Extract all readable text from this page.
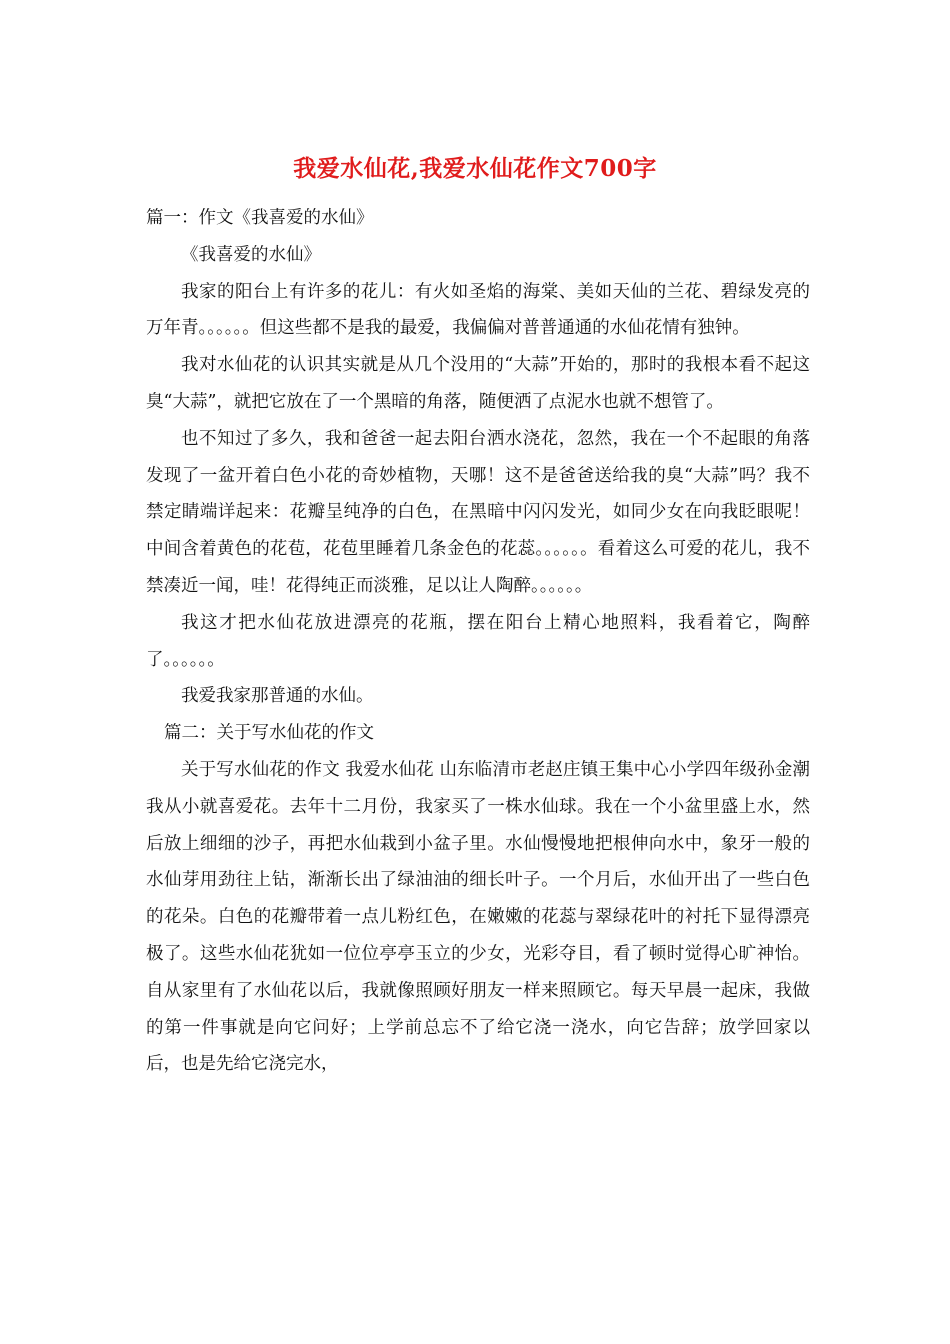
我爱水仙花,我爱水仙花作文700字

篇一：作文《我喜爱的水仙》

《我喜爱的水仙》

我家的阳台上有许多的花儿：有火如圣焰的海棠、美如天仙的兰花、碧绿发亮的万年青。。。。。。但这些都不是我的最爱，我偏偏对普普通通的水仙花情有独钟。

我对水仙花的认识其实就是从几个没用的“大蒜”开始的，那时的我根本看不起这臭“大蒜”，就把它放在了一个黑暗的角落，随便洒了点泥水也就不想管了。

也不知过了多久，我和爸爸一起去阳台洒水浇花，忽然，我在一个不起眼的角落发现了一盆开着白色小花的奇妙植物，天哪！这不是爸爸送给我的臭“大蒜”吗？我不禁定睛端详起来：花瓣呈纯净的白色，在黑暗中闪闪发光，如同少女在向我眨眼呢！中间含着黄色的花苞，花苞里睡着几条金色的花蕊。。。。。。看着这么可爱的花儿，我不禁凑近一闻，哇！花得纯正而淡雅，足以让人陶醉。。。。。。

我这才把水仙花放进漂亮的花瓶，摆在阳台上精心地照料，我看着它，陶醉了。。。。。。

我爱我家那普通的水仙。

篇二：关于写水仙花的作文

关于写水仙花的作文 我爱水仙花 山东临清市老赵庄镇王集中心小学四年级孙金潮 我从小就喜爱花。去年十二月份，我家买了一株水仙球。我在一个小盆里盛上水，然后放上细细的沙子，再把水仙栽到小盆子里。水仙慢慢地把根伸向水中，象牙一般的水仙芽用劲往上钻，渐渐长出了绿油油的细长叶子。一个月后，水仙开出了一些白色的花朵。白色的花瓣带着一点儿粉红色，在嫩嫩的花蕊与翠绿花叶的衬托下显得漂亮极了。这些水仙花犹如一位位亭亭玉立的少女，光彩夺目，看了顿时觉得心旷神怡。 自从家里有了水仙花以后，我就像照顾好朋友一样来照顾它。每天早晨一起床，我做的第一件事就是向它问好；上学前总忘不了给它浇一浇水，向它告辞；放学回家以后，也是先给它浇完水，
